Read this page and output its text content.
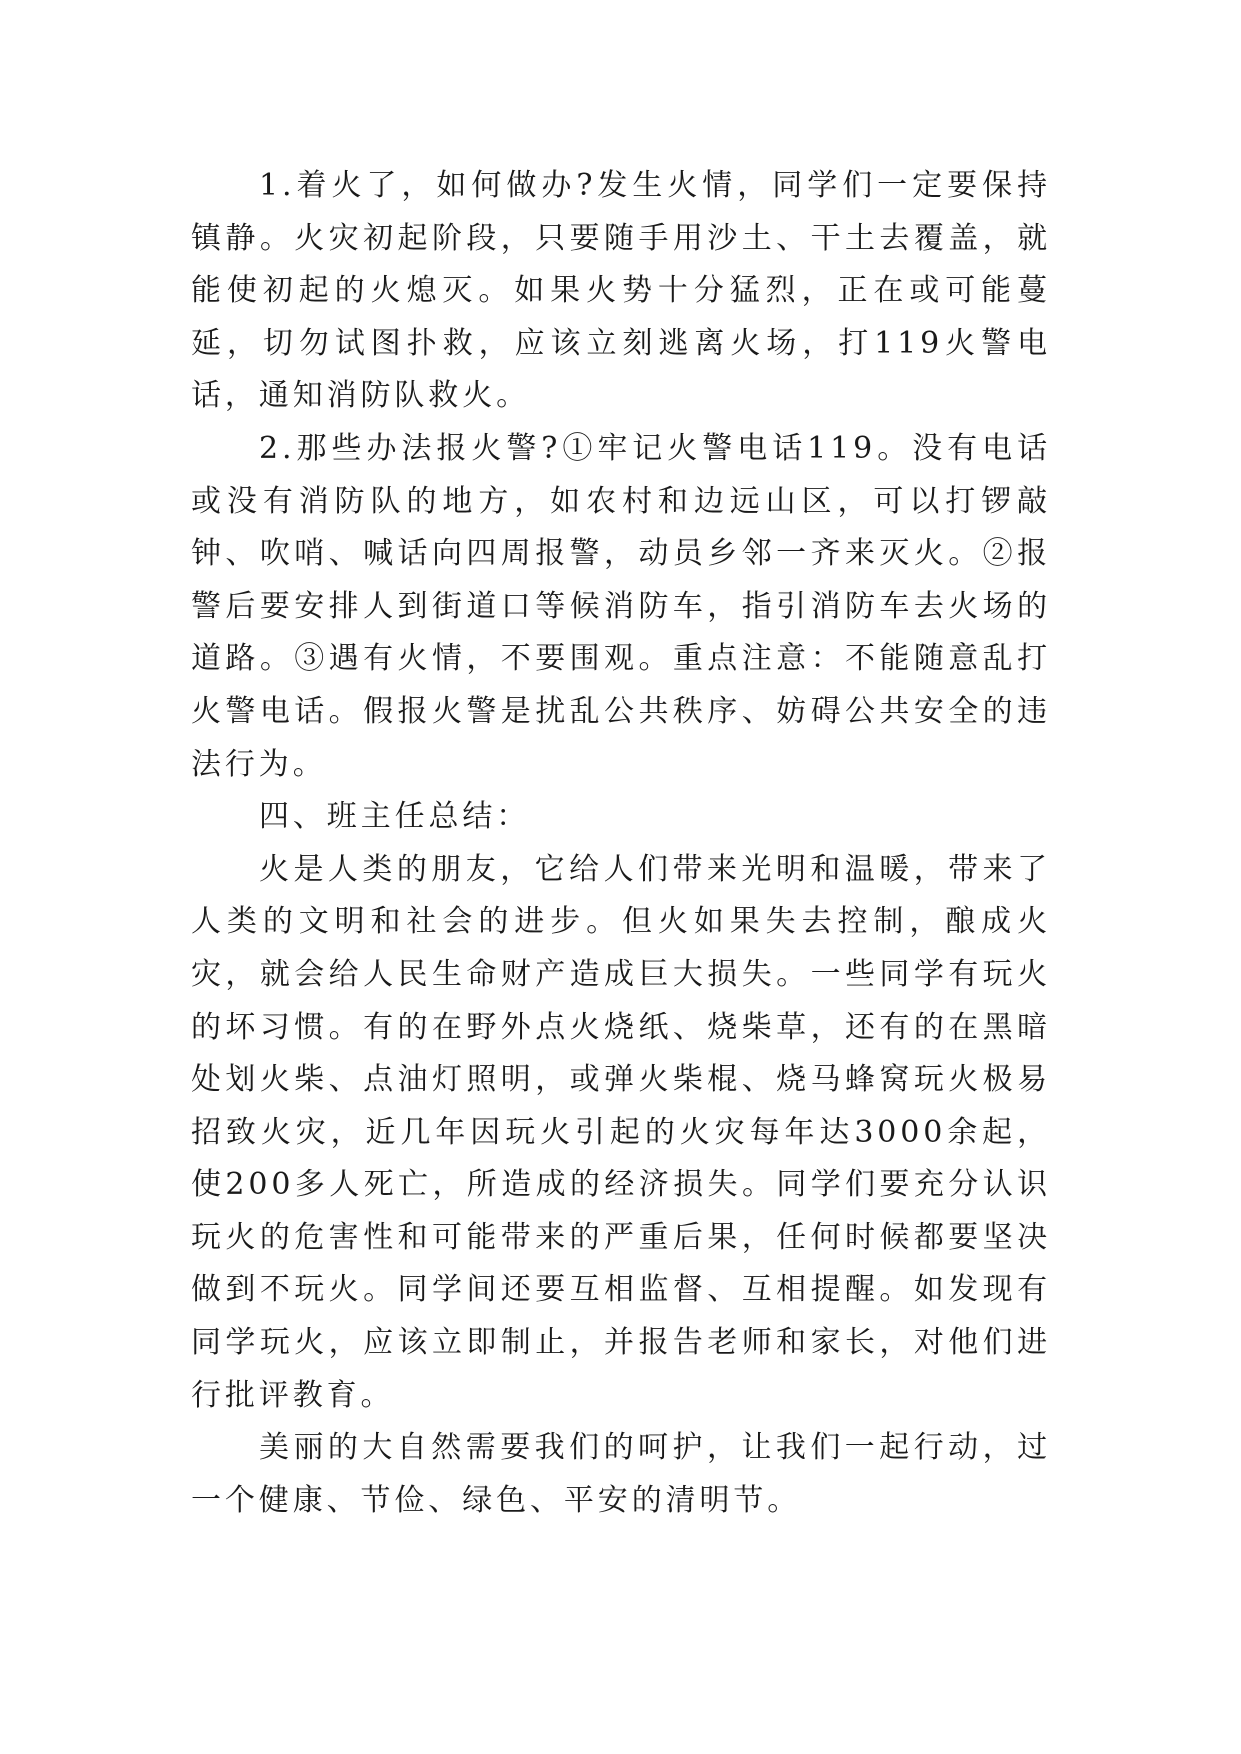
1.着火了，如何做办?发生火情，同学们一定要保持镇静。火灾初起阶段，只要随手用沙土、干土去覆盖，就能使初起的火熄灭。如果火势十分猛烈，正在或可能蔓延，切勿试图扑救，应该立刻逃离火场，打119火警电话，通知消防队救火。

2.那些办法报火警?①牢记火警电话119。没有电话或没有消防队的地方，如农村和边远山区，可以打锣敲钟、吹哨、喊话向四周报警，动员乡邻一齐来灭火。②报警后要安排人到街道口等候消防车，指引消防车去火场的道路。③遇有火情，不要围观。重点注意：不能随意乱打火警电话。假报火警是扰乱公共秩序、妨碍公共安全的违法行为。

四、班主任总结：

火是人类的朋友，它给人们带来光明和温暖，带来了人类的文明和社会的进步。但火如果失去控制，酿成火灾，就会给人民生命财产造成巨大损失。一些同学有玩火的坏习惯。有的在野外点火烧纸、烧柴草，还有的在黑暗处划火柴、点油灯照明，或弹火柴棍、烧马蜂窝玩火极易招致火灾，近几年因玩火引起的火灾每年达3000余起，使200多人死亡，所造成的经济损失。同学们要充分认识玩火的危害性和可能带来的严重后果，任何时候都要坚决做到不玩火。同学间还要互相监督、互相提醒。如发现有同学玩火，应该立即制止，并报告老师和家长，对他们进行批评教育。

美丽的大自然需要我们的呵护，让我们一起行动，过一个健康、节俭、绿色、平安的清明节。
